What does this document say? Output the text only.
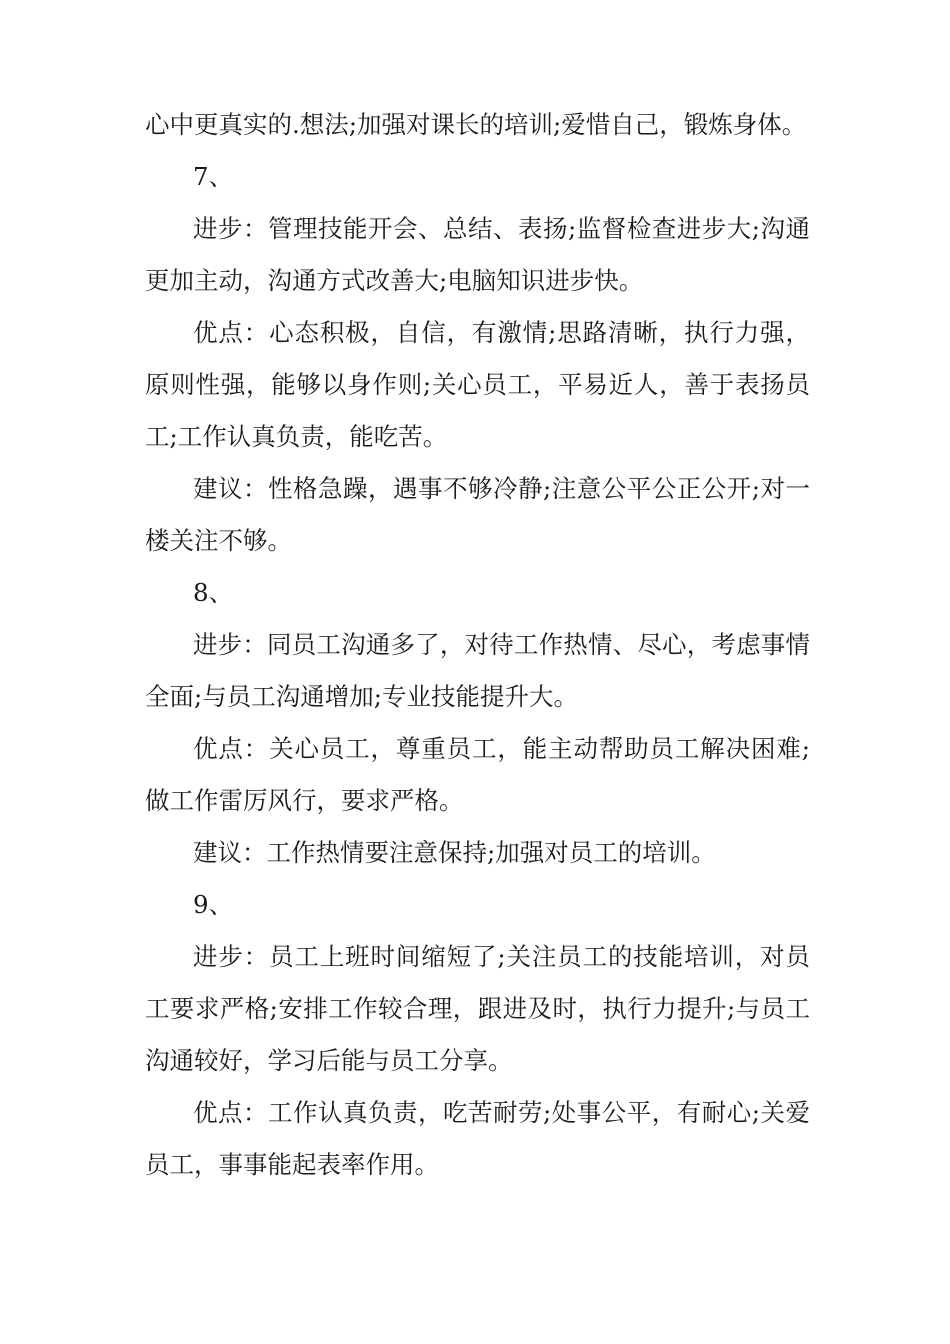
心中更真实的.想法;加强对课长的培训;爱惜自己，锻炼身体。

7、

进步：管理技能开会、总结、表扬;监督检查进步大;沟通更加主动，沟通方式改善大;电脑知识进步快。

优点：心态积极，自信，有激情;思路清晰，执行力强，原则性强，能够以身作则;关心员工，平易近人，善于表扬员工;工作认真负责，能吃苦。

建议：性格急躁，遇事不够冷静;注意公平公正公开;对一楼关注不够。

8、

进步：同员工沟通多了，对待工作热情、尽心，考虑事情全面;与员工沟通增加;专业技能提升大。

优点：关心员工，尊重员工，能主动帮助员工解决困难;做工作雷厉风行，要求严格。

建议：工作热情要注意保持;加强对员工的培训。

9、

进步：员工上班时间缩短了;关注员工的技能培训，对员工要求严格;安排工作较合理，跟进及时，执行力提升;与员工沟通较好，学习后能与员工分享。

优点：工作认真负责，吃苦耐劳;处事公平，有耐心;关爱员工，事事能起表率作用。
